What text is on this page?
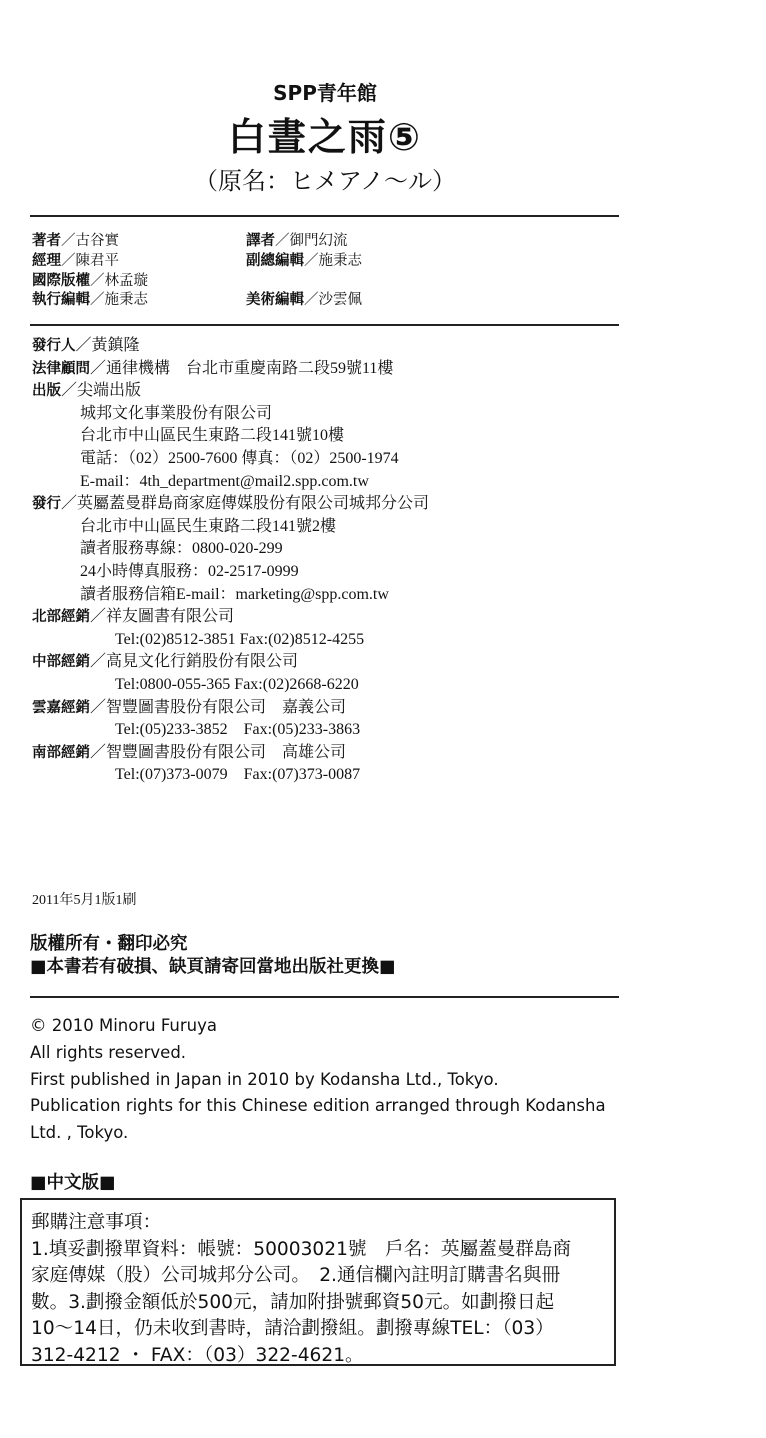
SPP青年館
白晝之雨⑤
（原名：ヒメアノ～ル）
著者／古谷實	譯者／御門幻流
經理／陳君平	副總編輯／施秉志
國際版權／林孟璇
執行編輯／施秉志	美術編輯／沙雲佩
發行人／黃鎮隆
法律顧問／通律機構　台北市重慶南路二段59號11樓
出版／尖端出版
城邦文化事業股份有限公司
台北市中山區民生東路二段141號10樓
電話：（02）2500-7600 傳真：（02）2500-1974
E-mail：4th_department@mail2.spp.com.tw
發行／英屬蓋曼群島商家庭傳媒股份有限公司城邦分公司
台北市中山區民生東路二段141號2樓
讀者服務專線：0800-020-299
24小時傳真服務：02-2517-0999
讀者服務信箱E-mail：marketing@spp.com.tw
北部經銷／祥友圖書有限公司
Tel:(02)8512-3851 Fax:(02)8512-4255
中部經銷／高見文化行銷股份有限公司
Tel:0800-055-365 Fax:(02)2668-6220
雲嘉經銷／智豐圖書股份有限公司　嘉義公司
Tel:(05)233-3852　Fax:(05)233-3863
南部經銷／智豐圖書股份有限公司　高雄公司
Tel:(07)373-0079　Fax:(07)373-0087
2011年5月1版1刷
版權所有・翻印必究
■本書若有破損、缺頁請寄回當地出版社更換■
© 2010 Minoru Furuya
All rights reserved.
First published in Japan in 2010 by Kodansha Ltd., Tokyo.
Publication rights for this Chinese edition arranged through Kodansha
Ltd. , Tokyo.
■中文版■
郵購注意事項：
1.填妥劃撥單資料：帳號：50003021號　戶名：英屬蓋曼群島商
家庭傳媒（股）公司城邦分公司。　2.通信欄內註明訂購書名與冊
數。3.劃撥金額低於500元，請加附掛號郵資50元。如劃撥日起
10～14日，仍未收到書時，請洽劃撥組。劃撥專線TEL：（03）
312-4212 ・ FAX：（03）322-4621。
